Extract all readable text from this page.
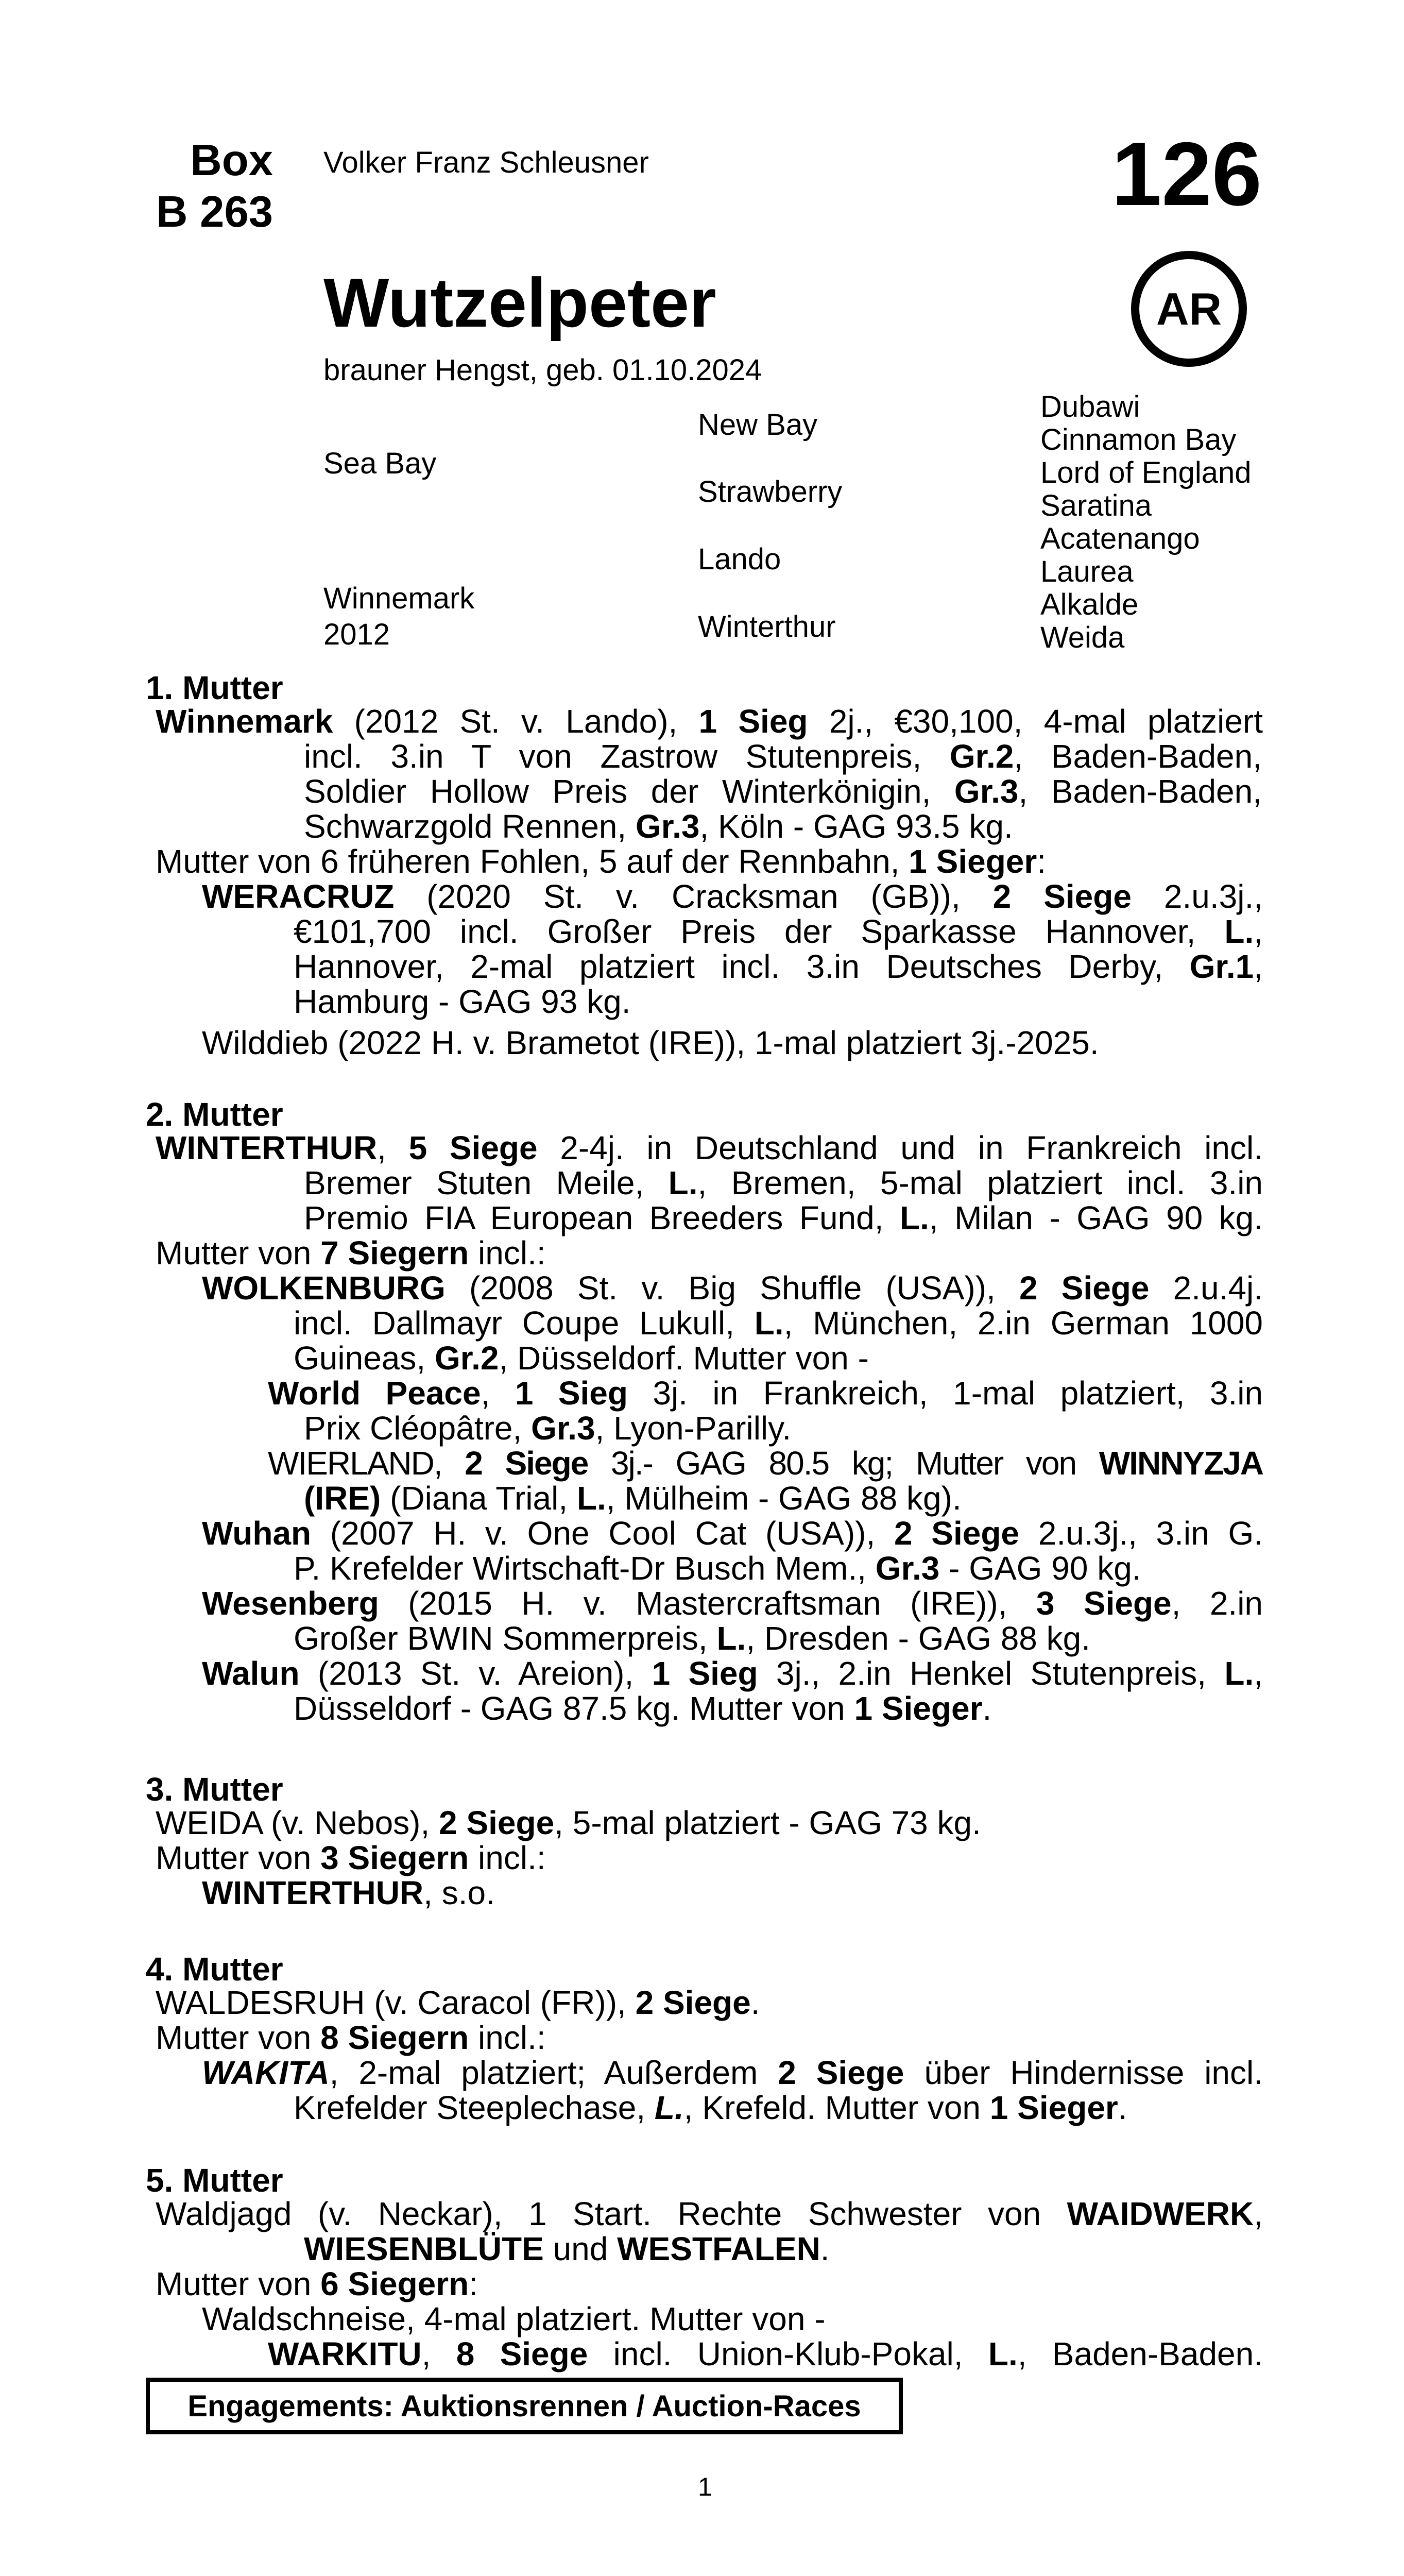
Box
B 263
Volker Franz Schleusner	126
AR
Wutzelpeter
brauner Hengst, geb. 01.10.2024
Sea Bay
Winnemark
2012
New Bay
Strawberry
Lando
Winterthur
Dubawi
Cinnamon Bay
Lord of England
Saratina
Acatenango
Laurea
Alkalde
Weida
1. Mutter
Winnemark (2012 St. v. Lando), 1 Sieg 2j., €30,100, 4-mal platziert
incl. 3.in T von Zastrow Stutenpreis, Gr.2, Baden-Baden,
Soldier Hollow Preis der Winterkönigin, Gr.3, Baden-Baden,
Schwarzgold Rennen, Gr.3, Köln - GAG 93.5 kg.
Mutter von 6 früheren Fohlen, 5 auf der Rennbahn, 1 Sieger:
WERACRUZ (2020 St. v. Cracksman (GB)), 2 Siege 2.u.3j.,
€101,700 incl. Großer Preis der Sparkasse Hannover, L.,
Hannover, 2-mal platziert incl. 3.in Deutsches Derby, Gr.1,
Hamburg - GAG 93 kg.
Wilddieb (2022 H. v. Brametot (IRE)), 1-mal platziert 3j.-2025.
2. Mutter
WINTERTHUR, 5 Siege 2-4j. in Deutschland und in Frankreich incl.
Bremer Stuten Meile, L., Bremen, 5-mal platziert incl. 3.in
Premio FIA European Breeders Fund, L., Milan - GAG 90 kg.
Mutter von 7 Siegern incl.:
WOLKENBURG (2008 St. v. Big Shuffle (USA)), 2 Siege 2.u.4j.
incl. Dallmayr Coupe Lukull, L., München, 2.in German 1000
Guineas, Gr.2, Düsseldorf. Mutter von -
World Peace, 1 Sieg 3j. in Frankreich, 1-mal platziert, 3.in
Prix Cléopâtre, Gr.3, Lyon-Parilly.
WIERLAND, 2 Siege 3j.- GAG 80.5 kg; Mutter von WINNYZJA
(IRE) (Diana Trial, L., Mülheim - GAG 88 kg).
Wuhan (2007 H. v. One Cool Cat (USA)), 2 Siege 2.u.3j., 3.in G.
P. Krefelder Wirtschaft-Dr Busch Mem., Gr.3 - GAG 90 kg.
Wesenberg (2015 H. v. Mastercraftsman (IRE)), 3 Siege, 2.in
Großer BWIN Sommerpreis, L., Dresden - GAG 88 kg.
Walun (2013 St. v. Areion), 1 Sieg 3j., 2.in Henkel Stutenpreis, L.,
Düsseldorf - GAG 87.5 kg. Mutter von 1 Sieger.
3. Mutter
WEIDA (v. Nebos), 2 Siege, 5-mal platziert - GAG 73 kg.
Mutter von 3 Siegern incl.:
WINTERTHUR, s.o.
4. Mutter
WALDESRUH (v. Caracol (FR)), 2 Siege.
Mutter von 8 Siegern incl.:
WAKITA, 2-mal platziert; Außerdem 2 Siege über Hindernisse incl.
Krefelder Steeplechase, L., Krefeld. Mutter von 1 Sieger.
5. Mutter
Waldjagd (v. Neckar), 1 Start. Rechte Schwester von WAIDWERK,
WIESENBLÜTE und WESTFALEN.
Mutter von 6 Siegern:
Waldschneise, 4-mal platziert. Mutter von -
WARKITU, 8 Siege incl. Union-Klub-Pokal, L., Baden-Baden.
Engagements: Auktionsrennen / Auction-Races
1
